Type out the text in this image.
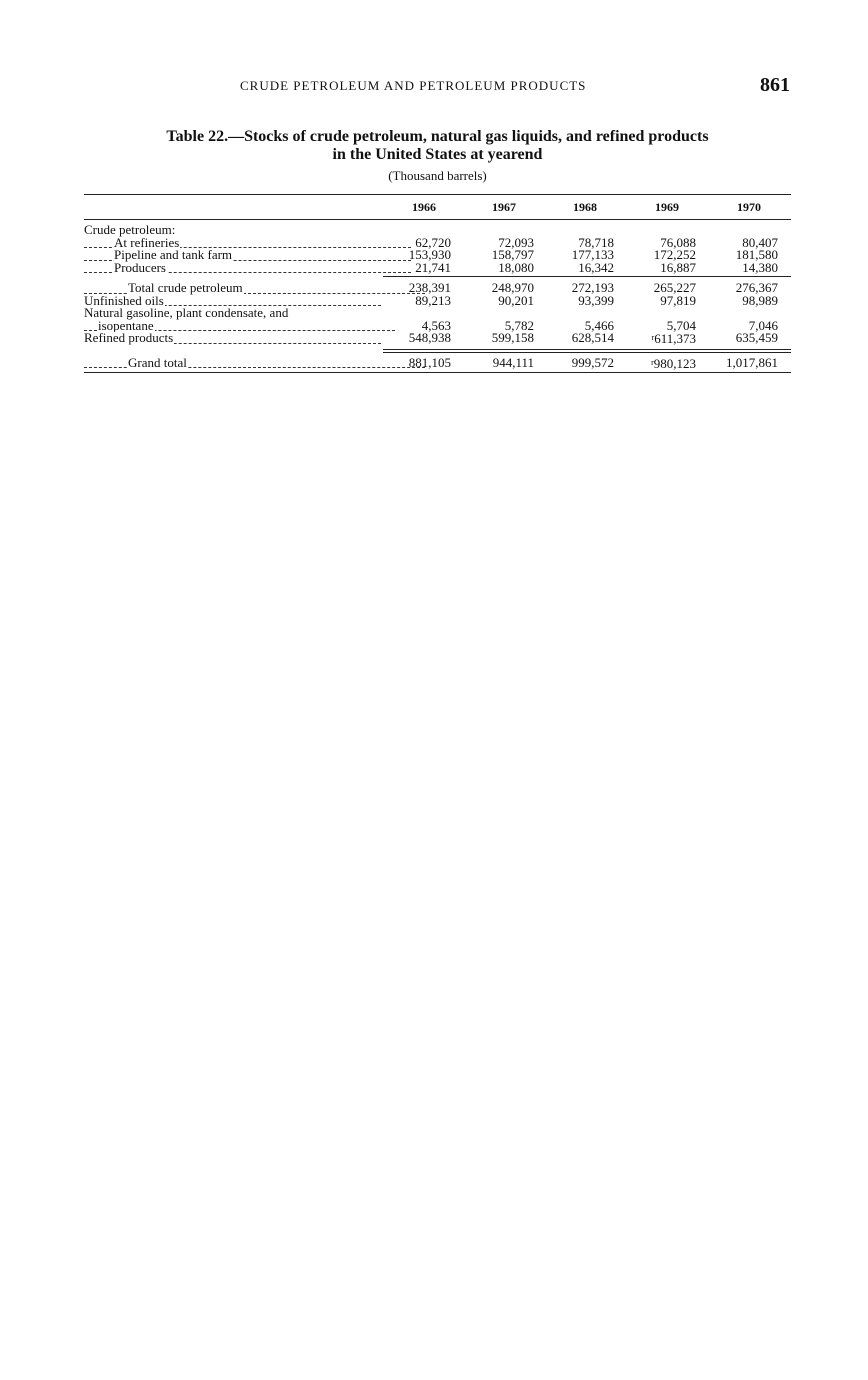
CRUDE PETROLEUM AND PETROLEUM PRODUCTS	861
Table 22.—Stocks of crude petroleum, natural gas liquids, and refined products
in the United States at yearend
(Thousand barrels)
1966	1967	1968	1969	1970
Crude petroleum:
At refineries	62,720	72,093	78,718	76,088	80,407
Pipeline and tank farm	153,930	158,797	177,133	172,252	181,580
Producers	21,741	18,080	16,342	16,887	14,380
Total crude petroleum	238,391	248,970	272,193	265,227	276,367
Unfinished oils	89,213	90,201	93,399	97,819	98,989
Natural gasoline, plant condensate, and
isopentane	4,563	5,782	5,466	5,704	7,046
Refined products	548,938	599,158	628,514	$^r$611,373	635,459
Grand total	881,105	944,111	999,572	$^r$980,123	1,017,861
